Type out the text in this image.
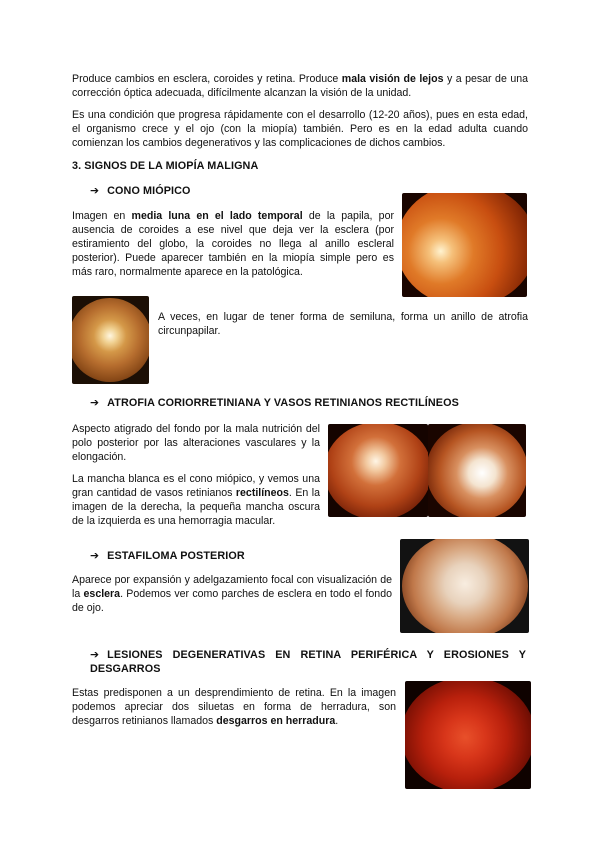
Produce cambios en esclera, coroides y retina. Produce mala visión de lejos y a pesar de una corrección óptica adecuada, difícilmente alcanzan la visión de la unidad.

Es una condición que progresa rápidamente con el desarrollo (12-20 años), pues en esta edad, el organismo crece y el ojo (con la miopía) también. Pero es en la edad adulta cuando comienzan los cambios degenerativos y las complicaciones de dichos cambios.

3. SIGNOS DE LA MIOPÍA MALIGNA

➔ CONO MIÓPICO

Imagen en media luna en el lado temporal de la papila, por ausencia de coroides a ese nivel que deja ver la esclera (por estiramiento del globo, la coroides no llega al anillo escleral posterior). Puede aparecer también en la miopía simple pero es más raro, normalmente aparece en la patológica.

A veces, en lugar de tener forma de semiluna, forma un anillo de atrofia circunpapilar.

➔ ATROFIA CORIORRETINIANA Y VASOS RETINIANOS RECTILÍNEOS

Aspecto atigrado del fondo por la mala nutrición del polo posterior por las alteraciones vasculares y la elongación.

La mancha blanca es el cono miópico, y vemos una gran cantidad de vasos retinianos rectilíneos. En la imagen de la derecha, la pequeña mancha oscura de la izquierda es una hemorragia macular.

➔ ESTAFILOMA POSTERIOR

Aparece por expansión y adelgazamiento focal con visualización de la esclera. Podemos ver como parches de esclera en todo el fondo de ojo.

➔ LESIONES DEGENERATIVAS EN RETINA PERIFÉRICA Y EROSIONES Y DESGARROS

Estas predisponen a un desprendimiento de retina. En la imagen podemos apreciar dos siluetas en forma de herradura, son desgarros retinianos llamados desgarros en herradura.
